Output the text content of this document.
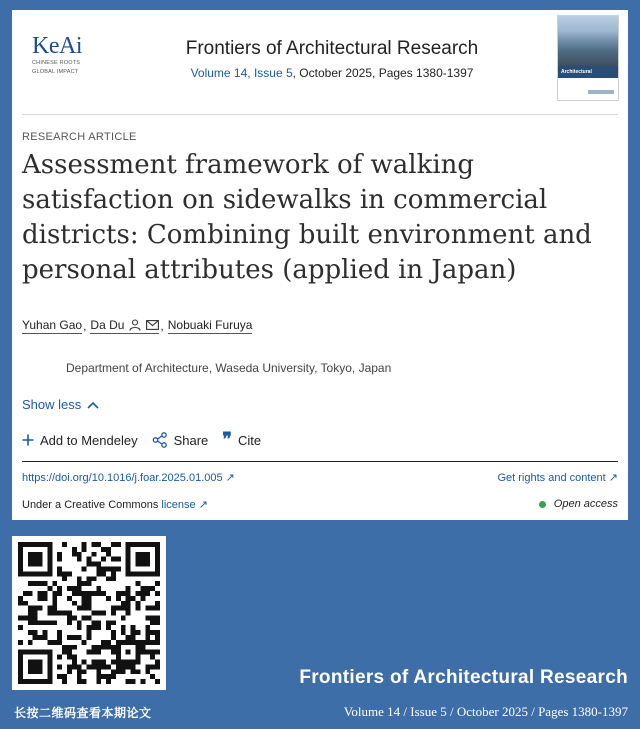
KeAi
CHINESE ROOTS
GLOBAL IMPACT
Frontiers of Architectural Research
Volume 14, Issue 5, October 2025, Pages 1380-1397	Architectural
RESEARCH ARTICLE
Assessment framework of walking satisfaction on sidewalks in commercial districts: Combining built environment and personal attributes (applied in Japan)
Yuhan Gao , Da Du	, Nobuaki Furuya
Department of Architecture, Waseda University, Tokyo, Japan
Show less
Add to Mendeley	Share ❞ Cite
https://doi.org/10.1016/j.foar.2025.01.005 ↗	Get rights and content ↗
Under a Creative Commons license ↗	Open access
长按二维码查看本期论文
Frontiers of Architectural Research
Volume 14 / Issue 5 / October 2025 / Pages 1380-1397
